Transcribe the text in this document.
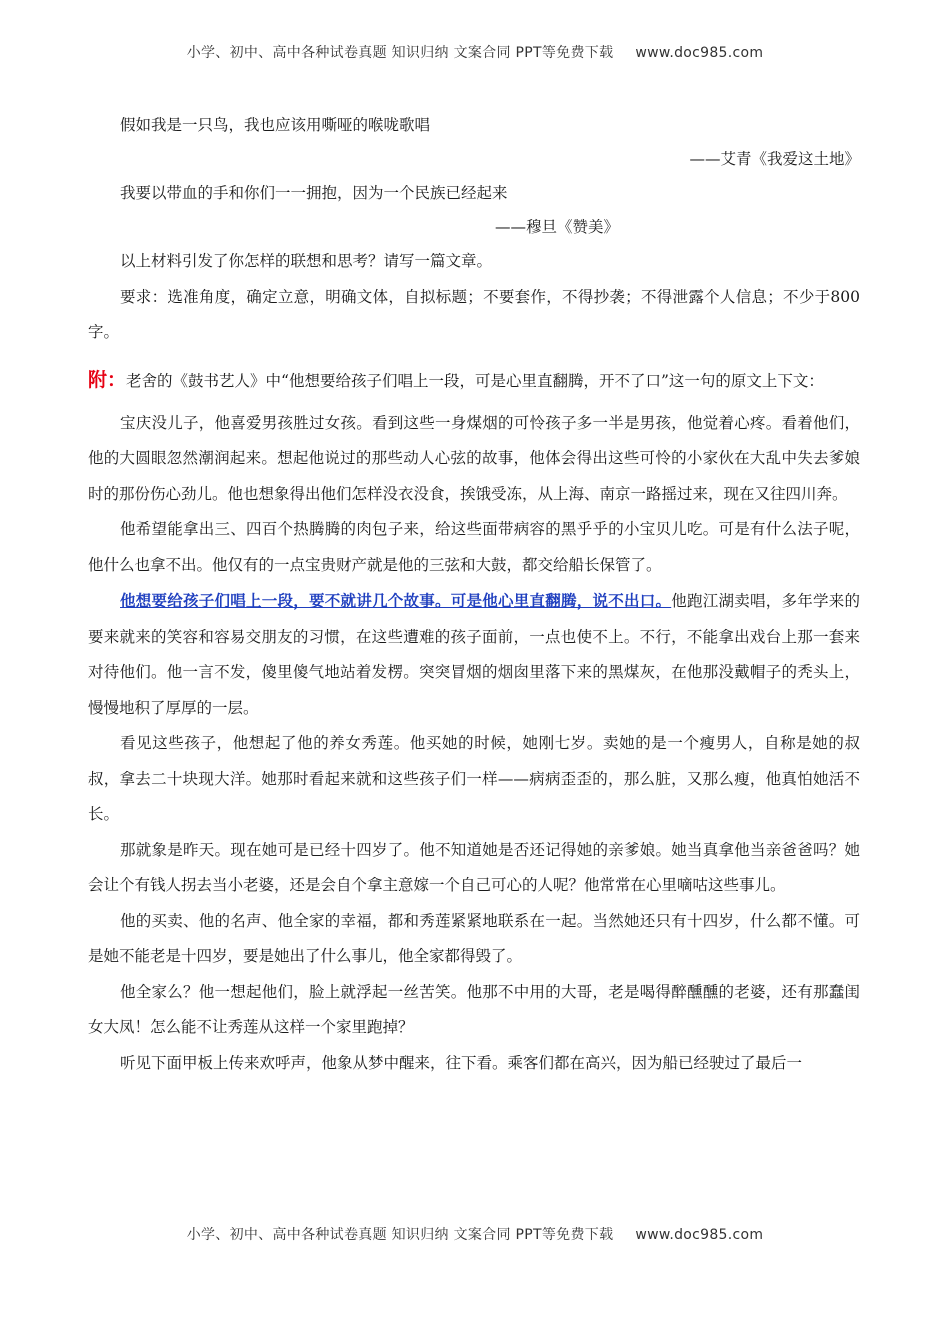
小学、初中、高中各种试卷真题 知识归纳 文案合同 PPT等免费下载 www.doc985.com

假如我是一只鸟，我也应该用嘶哑的喉咙歌唱

——艾青《我爱这土地》

我要以带血的手和你们一一拥抱，因为一个民族已经起来

——穆旦《赞美》

以上材料引发了你怎样的联想和思考？请写一篇文章。

要求：选准角度，确定立意，明确文体，自拟标题；不要套作，不得抄袭；不得泄露个人信息；不少于800字。

附：老舍的《鼓书艺人》中“他想要给孩子们唱上一段，可是心里直翻腾，开不了口”这一句的原文上下文：

宝庆没儿子，他喜爱男孩胜过女孩。看到这些一身煤烟的可怜孩子多一半是男孩，他觉着心疼。看着他们，他的大圆眼忽然潮润起来。想起他说过的那些动人心弦的故事，他体会得出这些可怜的小家伙在大乱中失去爹娘时的那份伤心劲儿。他也想象得出他们怎样没衣没食，挨饿受冻，从上海、南京一路摇过来，现在又往四川奔。

他希望能拿出三、四百个热腾腾的肉包子来，给这些面带病容的黑乎乎的小宝贝儿吃。可是有什么法子呢，他什么也拿不出。他仅有的一点宝贵财产就是他的三弦和大鼓，都交给船长保管了。

他想要给孩子们唱上一段，要不就讲几个故事。可是他心里直翻腾，说不出口。他跑江湖卖唱，多年学来的要来就来的笑容和容易交朋友的习惯，在这些遭难的孩子面前，一点也使不上。不行，不能拿出戏台上那一套来对待他们。他一言不发，傻里傻气地站着发楞。突突冒烟的烟囱里落下来的黑煤灰，在他那没戴帽子的秃头上，慢慢地积了厚厚的一层。

看见这些孩子，他想起了他的养女秀莲。他买她的时候，她刚七岁。卖她的是一个瘦男人，自称是她的叔叔，拿去二十块现大洋。她那时看起来就和这些孩子们一样——病病歪歪的，那么脏，又那么瘦，他真怕她活不长。

那就象是昨天。现在她可是已经十四岁了。他不知道她是否还记得她的亲爹娘。她当真拿他当亲爸爸吗？她会让个有钱人拐去当小老婆，还是会自个拿主意嫁一个自己可心的人呢？他常常在心里嘀咕这些事儿。

他的买卖、他的名声、他全家的幸福，都和秀莲紧紧地联系在一起。当然她还只有十四岁，什么都不懂。可是她不能老是十四岁，要是她出了什么事儿，他全家都得毁了。

他全家么？他一想起他们，脸上就浮起一丝苦笑。他那不中用的大哥，老是喝得醉醺醺的老婆，还有那蠢闺女大凤！怎么能不让秀莲从这样一个家里跑掉？

听见下面甲板上传来欢呼声，他象从梦中醒来，往下看。乘客们都在高兴，因为船已经驶过了最后一

小学、初中、高中各种试卷真题 知识归纳 文案合同 PPT等免费下载 www.doc985.com
